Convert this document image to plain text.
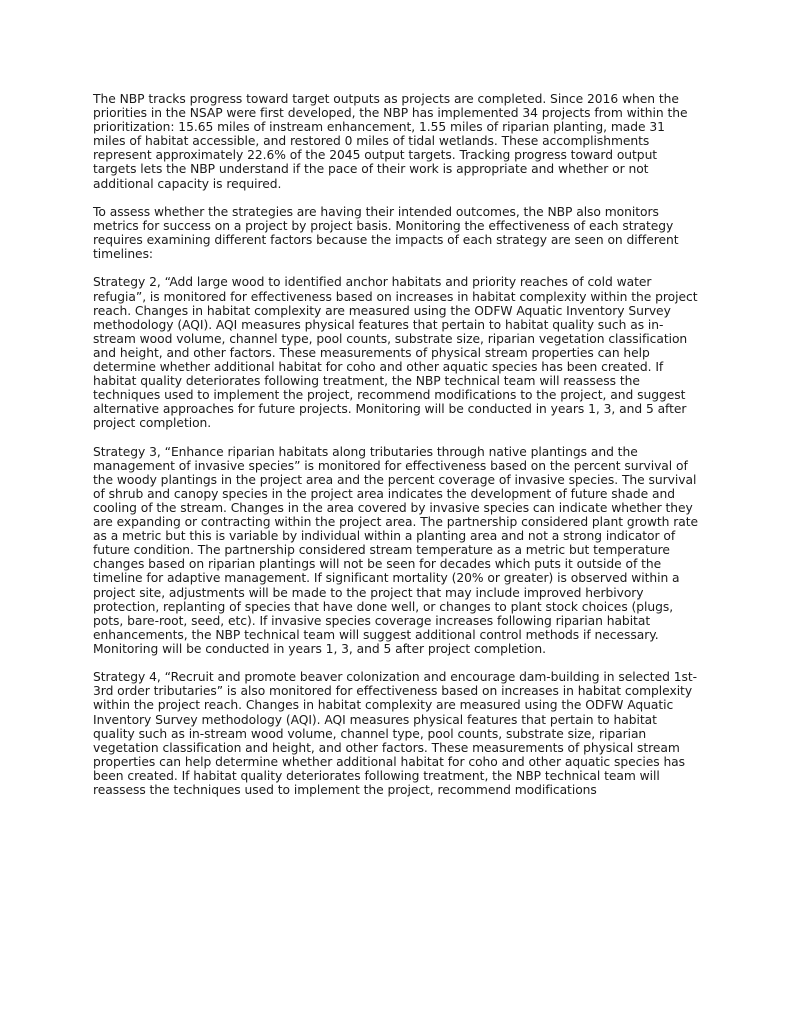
The NBP tracks progress toward target outputs as projects are completed. Since 2016 when the priorities in the NSAP were first developed, the NBP has implemented 34 projects from within the prioritization: 15.65 miles of instream enhancement, 1.55 miles of riparian planting, made 31 miles of habitat accessible, and restored 0 miles of tidal wetlands. These accomplishments represent approximately 22.6% of the 2045 output targets. Tracking progress toward output targets lets the NBP understand if the pace of their work is appropriate and whether or not additional capacity is required.

To assess whether the strategies are having their intended outcomes, the NBP also monitors metrics for success on a project by project basis. Monitoring the effectiveness of each strategy requires examining different factors because the impacts of each strategy are seen on different timelines:

Strategy 2, “Add large wood to identified anchor habitats and priority reaches of cold water refugia”, is monitored for effectiveness based on increases in habitat complexity within the project reach. Changes in habitat complexity are measured using the ODFW Aquatic Inventory Survey methodology (AQI). AQI measures physical features that pertain to habitat quality such as in-stream wood volume, channel type, pool counts, substrate size, riparian vegetation classification and height, and other factors. These measurements of physical stream properties can help determine whether additional habitat for coho and other aquatic species has been created. If habitat quality deteriorates following treatment, the NBP technical team will reassess the techniques used to implement the project, recommend modifications to the project, and suggest alternative approaches for future projects. Monitoring will be conducted in years 1, 3, and 5 after project completion.

Strategy 3, “Enhance riparian habitats along tributaries through native plantings and the management of invasive species” is monitored for effectiveness based on the percent survival of the woody plantings in the project area and the percent coverage of invasive species. The survival of shrub and canopy species in the project area indicates the development of future shade and cooling of the stream. Changes in the area covered by invasive species can indicate whether they are expanding or contracting within the project area. The partnership considered plant growth rate as a metric but this is variable by individual within a planting area and not a strong indicator of future condition. The partnership considered stream temperature as a metric but temperature changes based on riparian plantings will not be seen for decades which puts it outside of the timeline for adaptive management. If significant mortality (20% or greater) is observed within a project site, adjustments will be made to the project that may include improved herbivory protection, replanting of species that have done well, or changes to plant stock choices (plugs, pots, bare-root, seed, etc). If invasive species coverage increases following riparian habitat enhancements, the NBP technical team will suggest additional control methods if necessary. Monitoring will be conducted in years 1, 3, and 5 after project completion.

Strategy 4, “Recruit and promote beaver colonization and encourage dam-building in selected 1st-3rd order tributaries” is also monitored for effectiveness based on increases in habitat complexity within the project reach. Changes in habitat complexity are measured using the ODFW Aquatic Inventory Survey methodology (AQI). AQI measures physical features that pertain to habitat quality such as in-stream wood volume, channel type, pool counts, substrate size, riparian vegetation classification and height, and other factors. These measurements of physical stream properties can help determine whether additional habitat for coho and other aquatic species has been created. If habitat quality deteriorates following treatment, the NBP technical team will reassess the techniques used to implement the project, recommend modifications
